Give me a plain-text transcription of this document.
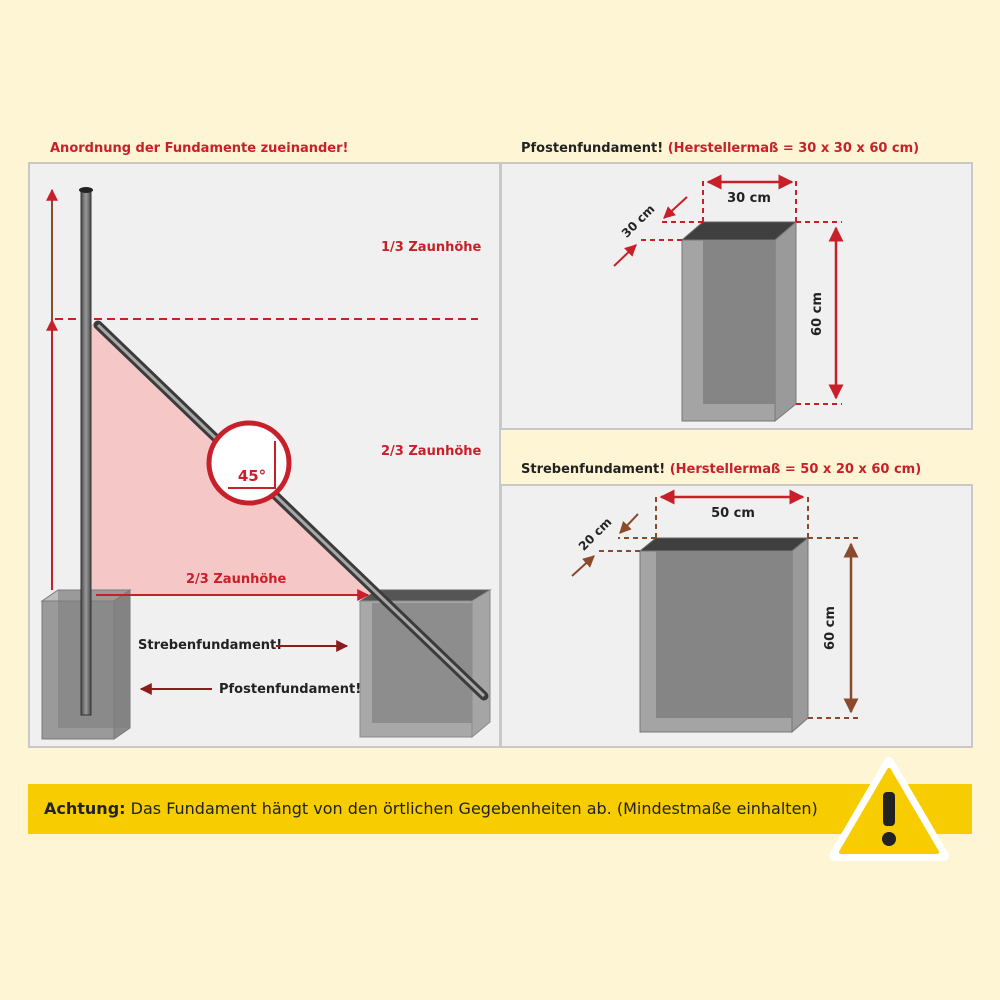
Anordnung der Fundamente zueinander!	Pfostenfundament! (Herstellermaß = 30 x 30 x 60 cm)
Strebenfundament! (Herstellermaß = 50 x 20 x 60 cm)
45°
1/3 Zaunhöhe
2/3 Zaunhöhe
2/3 Zaunhöhe
Strebenfundament!
Pfostenfundament!
30 cm
60 cm
30 cm
50 cm
60 cm
20 cm
Achtung: Das Fundament hängt von den örtlichen Gegebenheiten ab. (Mindestmaße einhalten)
